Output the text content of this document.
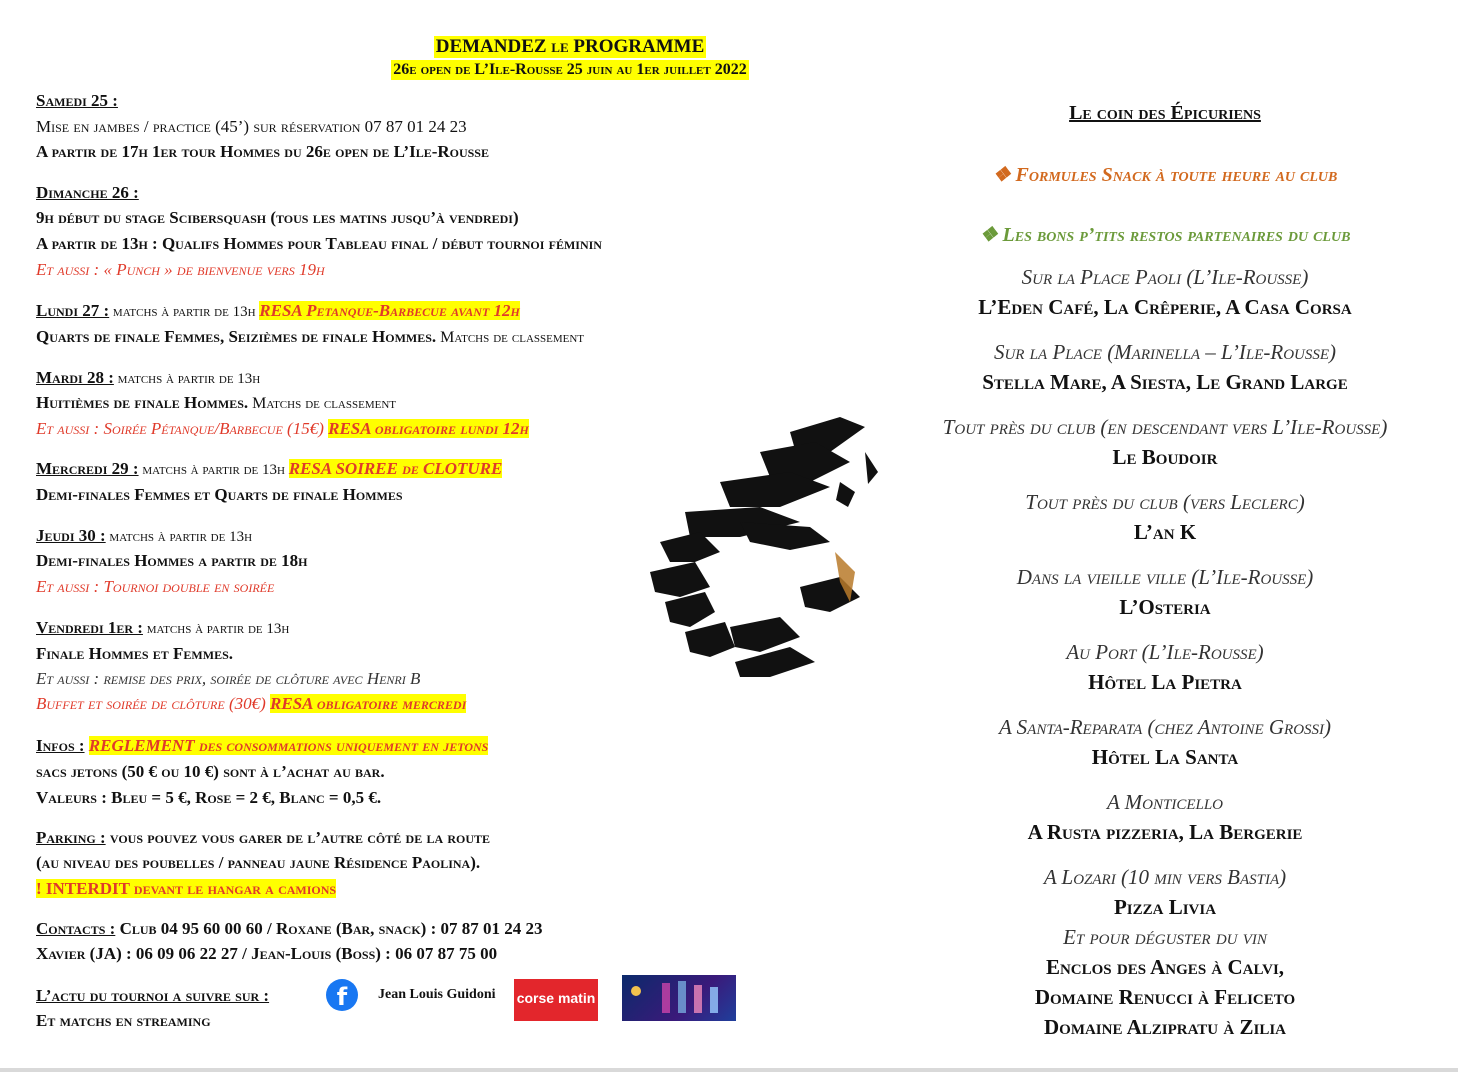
DEMANDEZ le PROGRAMME
26e open de L’Ile-Rousse 25 juin au 1er juillet 2022
Samedi 25 :
Mise en jambes / practice (45’) sur réservation 07 87 01 24 23
A partir de 17h 1er tour Hommes du 26e open de L’Ile-Rousse
Dimanche 26 :
9h début du stage Scibersquash (tous les matins jusqu’à vendredi)
A partir de 13h : Qualifs Hommes pour Tableau final / début tournoi féminin
Et aussi : « Punch » de bienvenue vers 19h
Lundi 27 : matchs à partir de 13h RESA Petanque-Barbecue avant 12h
Quarts de finale Femmes, Seizièmes de finale Hommes. Matchs de classement
Mardi 28 : matchs à partir de 13h
Huitièmes de finale Hommes. Matchs de classement
Et aussi : Soirée Pétanque/Barbecue (15€) RESA obligatoire lundi 12h
Mercredi 29 : matchs à partir de 13h RESA SOIREE de CLOTURE
Demi-finales Femmes et Quarts de finale Hommes
Jeudi 30 : matchs à partir de 13h
Demi-finales Hommes a partir de 18h
Et aussi : Tournoi double en soirée
Vendredi 1er : matchs à partir de 13h
Finale Hommes et Femmes.
Et aussi : remise des prix, soirée de clôture avec Henri B
Buffet et soirée de clôture (30€) RESA obligatoire mercredi
Infos : REGLEMENT des consommations uniquement en jetons
sacs jetons (50 € ou 10 €) sont à l’achat au bar.
Valeurs : Bleu = 5 €, Rose = 2 €, Blanc = 0,5 €.
Parking : vous pouvez vous garer de l’autre côté de la route
(au niveau des poubelles / panneau jaune Résidence Paolina).
! INTERDIT devant le hangar a camions
Contacts : Club 04 95 60 00 60 / Roxane (Bar, snack) : 07 87 01 24 23
Xavier (JA) : 06 09 06 22 27 / Jean-Louis (Boss) : 06 07 87 75 00
L’actu du tournoi a suivre sur :
Et matchs en streaming
f	Jean Louis Guidoni corse matin
Le coin des Épicuriens
❖ Formules Snack à toute heure au club
❖ Les bons p’tits restos partenaires du club
Sur la Place Paoli (L’Ile-Rousse)
L’Eden Café, La Crêperie, A Casa Corsa
Sur la Place (Marinella – L’Ile-Rousse)
Stella Mare, A Siesta, Le Grand Large
Tout près du club (en descendant vers L’Ile-Rousse)
Le Boudoir
Tout près du club (vers Leclerc)
L’an K
Dans la vieille ville (L’Ile-Rousse)
L’Osteria
Au Port (L’Ile-Rousse)
Hôtel La Pietra
A Santa-Reparata (chez Antoine Grossi)
Hôtel La Santa
A Monticello
A Rusta pizzeria, La Bergerie
A Lozari (10 min vers Bastia)
Pizza Livia
Et pour déguster du vin
Enclos des Anges à Calvi,
Domaine Renucci à Feliceto
Domaine Alzipratu à Zilia
